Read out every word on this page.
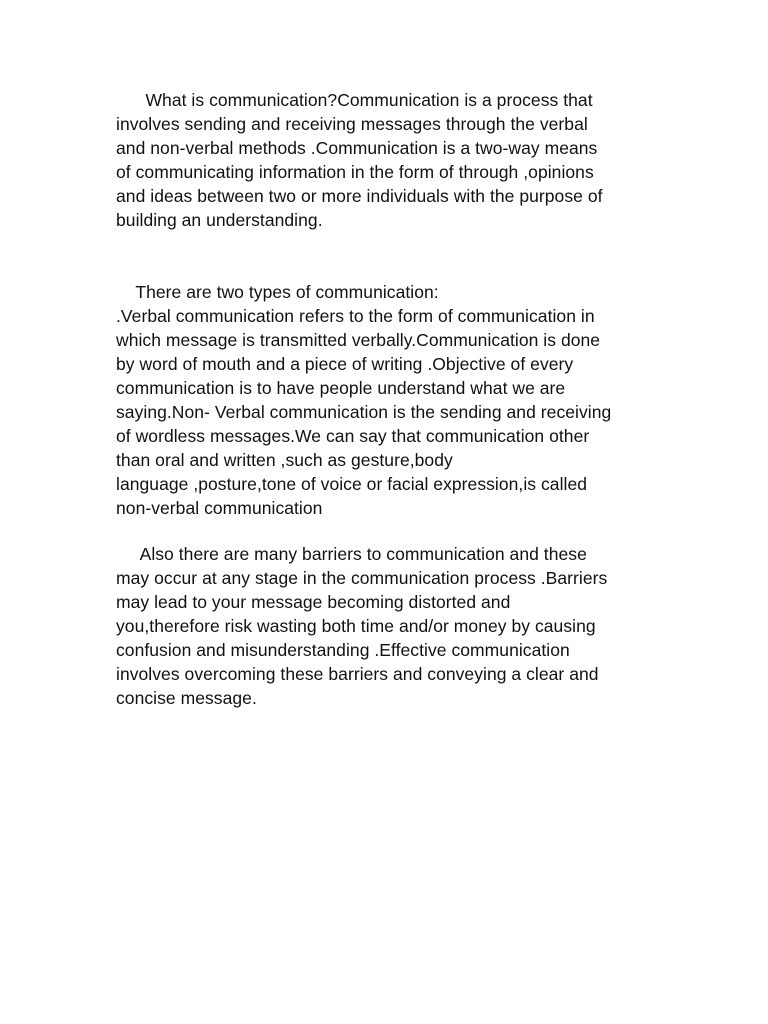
What is communication?Communication is a process that
involves sending and receiving messages through the verbal
and non-verbal methods .Communication is a two-way means
of communicating information in the form of through ,opinions
and ideas between two or more individuals with the purpose of
building an understanding.
There are two types of communication:
.Verbal communication refers to the form of communication in
which message is transmitted verbally.Communication is done
by word of mouth and a piece of writing .Objective of every
communication is to have people understand what we are
saying.Non- Verbal communication is the sending and receiving
of wordless messages.We can say that communication other
than oral and written ,such as gesture,body
language ,posture,tone of voice or facial expression,is called
non-verbal communication
Also there are many barriers to communication and these
may occur at any stage in the communication process .Barriers
may lead to your message becoming distorted and
you,therefore risk wasting both time and/or money by causing
confusion and misunderstanding .Effective communication
involves overcoming these barriers and conveying a clear and
concise message.
